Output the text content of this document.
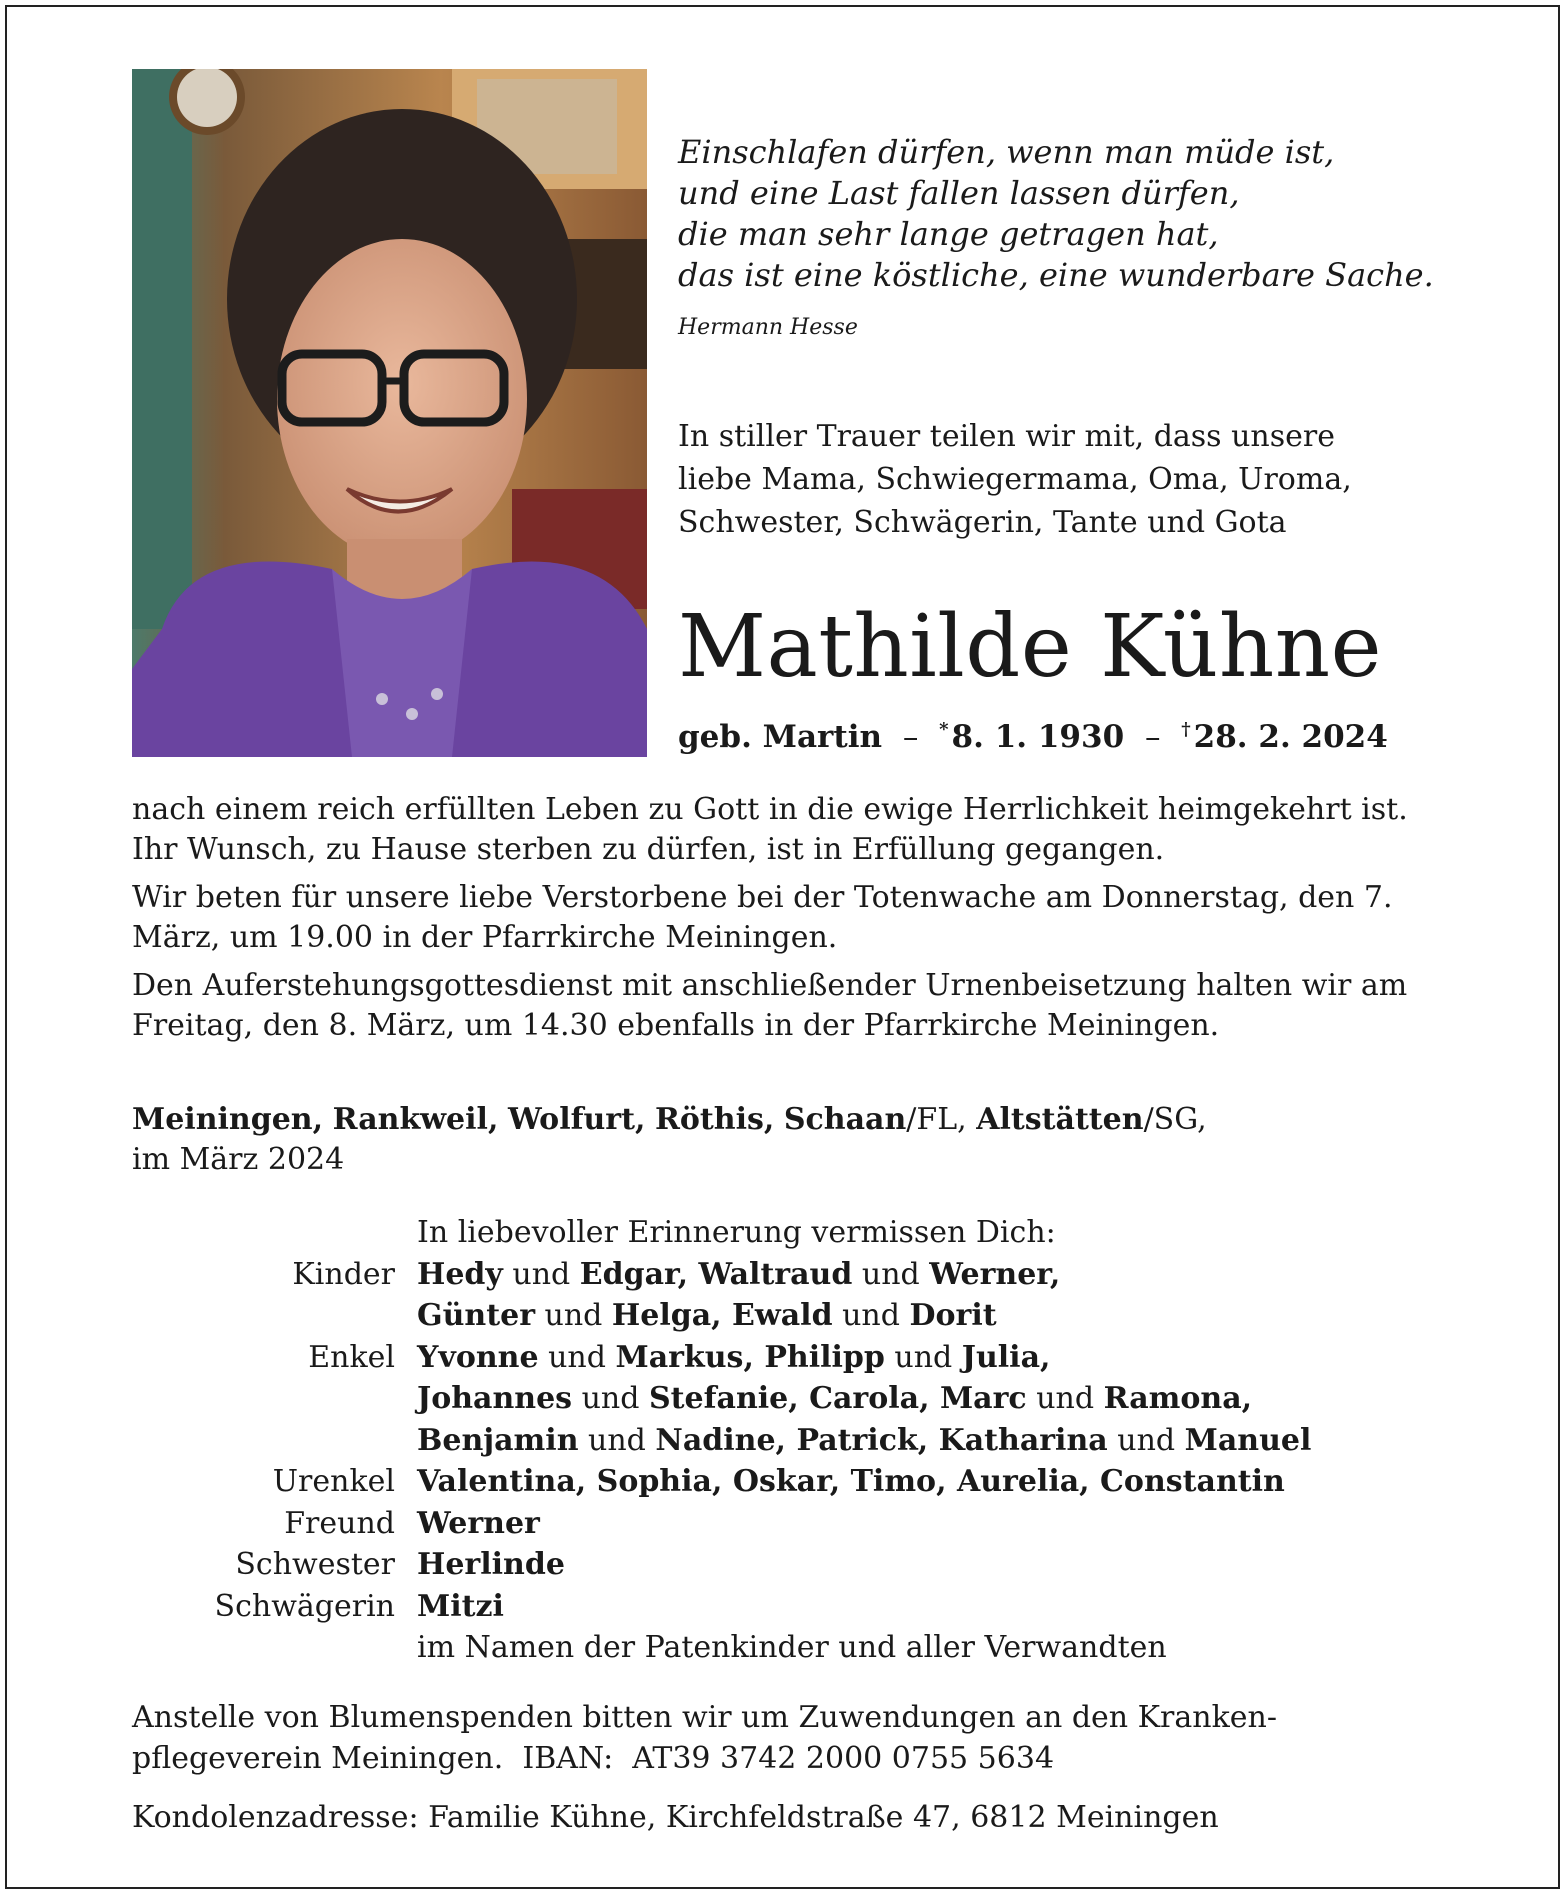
Einschlafen dürfen, wenn man müde ist,
und eine Last fallen lassen dürfen,
die man sehr lange getragen hat,
das ist eine köstliche, eine wunderbare Sache.
Hermann Hesse
In stiller Trauer teilen wir mit, dass unsere
liebe Mama, Schwiegermama, Oma, Uroma,
Schwester, Schwägerin, Tante und Gota
Mathilde Kühne
geb. Martin – *8. 1. 1930 – †28. 2. 2024

nach einem reich erfüllten Leben zu Gott in die ewige Herrlichkeit heimgekehrt ist. Ihr Wunsch, zu Hause sterben zu dürfen, ist in Erfüllung gegangen.

Wir beten für unsere liebe Verstorbene bei der Totenwache am Donnerstag, den 7. März, um 19.00 in der Pfarrkirche Meiningen.

Den Auferstehungsgottesdienst mit anschließender Urnenbeisetzung halten wir am Freitag, den 8. März, um 14.30 ebenfalls in der Pfarrkirche Meiningen.

Meiningen, Rankweil, Wolfurt, Röthis, Schaan/FL, Altstätten/SG,
im März 2024
	In liebevoller Erinnerung vermissen Dich:
Kinder	Hedy und Edgar, Waltraud und Werner,
	Günter und Helga, Ewald und Dorit
Enkel	Yvonne und Markus, Philipp und Julia,
	Johannes und Stefanie, Carola, Marc und Ramona,
	Benjamin und Nadine, Patrick, Katharina und Manuel
Urenkel	Valentina, Sophia, Oskar, Timo, Aurelia, Constantin
Freund	Werner
Schwester	Herlinde
Schwägerin	Mitzi
	im Namen der Patenkinder und aller Verwandten
Anstelle von Blumenspenden bitten wir um Zuwendungen an den Kranken-
pflegeverein Meiningen.  IBAN:  AT39 3742 2000 0755 5634
Kondolenzadresse: Familie Kühne, Kirchfeldstraße 47, 6812 Meiningen
